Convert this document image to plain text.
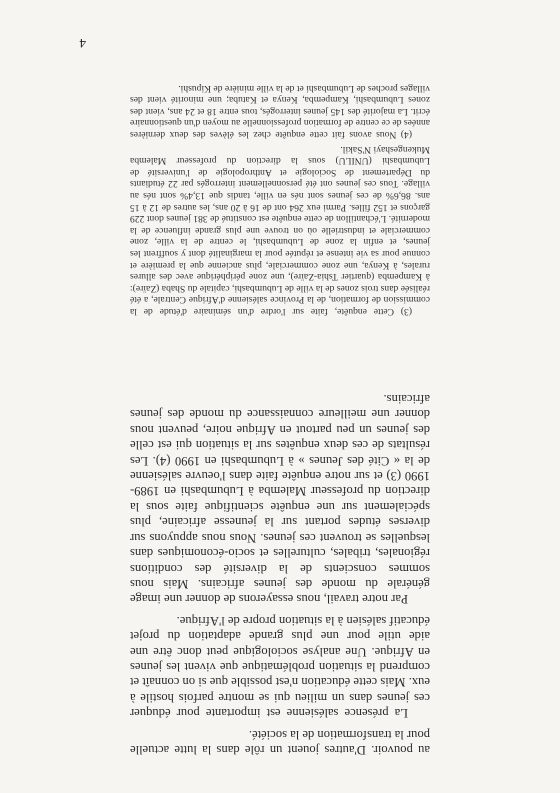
au pouvoir. D'autres jouent un rôle dans la lutte actuelle pour la transformation de la société.

La présence salésienne est importante pour éduquer ces jeunes dans un milieu qui se montre parfois hostile à eux. Mais cette éducation n'est possible que si on connaît et comprend la situation problématique que vivent les jeunes en Afrique. Une analyse sociologique peut donc être une aide utile pour une plus grande adaptation du projet éducatif salésien à la situation propre de l'Afrique.

Par notre travail, nous essayerons de donner une image générale du monde des jeunes africains. Mais nous sommes conscients de la diversité des conditions régionales, tribales, culturelles et socio-économiques dans lesquelles se trouvent ces jeunes. Nous nous appuyons sur diverses études portant sur la jeunesse africaine, plus spécialement sur une enquête scientifique faite sous la direction du professeur Malemba à Lubumbashi en 1989-1990 (3) et sur notre enquête faite dans l'oeuvre salésienne de la « Cité des Jeunes » à Lubumbashi en 1990 (4). Les résultats de ces deux enquêtes sur la situation qui est celle des jeunes un peu partout en Afrique noire, peuvent nous donner une meilleure connaissance du monde des jeunes africains.

(3) Cette enquête, faite sur l'ordre d'un séminaire d'étude de la commission de formation, de la Province salésienne d'Afrique Centrale, a été réalisée dans trois zones de la ville de Lubumbashi, capitale du Shaba (Zaïre): à Kampemba (quartier Tshia-Zaïre), une zone périphérique avec des allures rurales, à Kenya, une zone commerciale, plus ancienne que la première et connue pour sa vie intense et réputée pour la marginalité dont y souffrent les jeunes, et enfin la zone de Lubumbashi, le centre de la ville, zone commerciale et industrielle où on trouve une plus grande influence de la modernité. L'échantillon de cette enquête est constitué de 381 jeunes dont 229 garçons et 152 filles. Parmi eux 264 ont de 16 à 20 ans, les autres de 12 à 15 ans. 86,6% de ces jeunes sont nés en ville, tandis que 13,4% sont nés au village. Tous ces jeunes ont été personnellement interrogés par 22 étudiants du Département de Sociologie et Anthropologie de l'université de Lubumbashi (UNILU) sous la direction du professeur Malemba Mukengeshayi N'Sakil.

(4) Nous avons fait cette enquête chez les élèves des deux dernières années de ce centre de formation professionnelle au moyen d'un questionnaire écrit. La majorité des 145 jeunes interrogés, tous entre 18 et 24 ans, vient des zones Lubumbashi, Kampemba, Kenya et Katuba; une minorité vient des villages proches de Lubumbashi et de la ville minière de Kipushi.

4
